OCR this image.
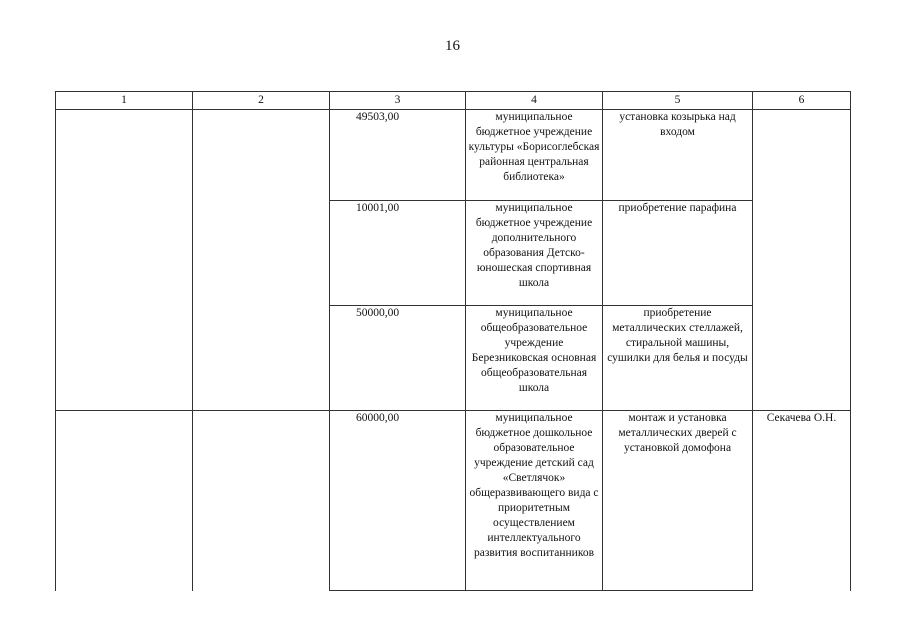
16
1	2	3	4	5	6
		49503,00	муниципальное бюджетное учреждение культуры «Борисоглебская районная центральная библиотека»	установка козырька над входом	
		10001,00	муниципальное бюджетное учреждение дополнительного образования Детско-юношеская спортивная школа	приобретение парафина	
		50000,00	муниципальное общеобразовательное учреждение Березниковская основная общеобразовательная школа	приобретение металлических стеллажей, стиральной машины, сушилки для белья и посуды	
		60000,00	муниципальное бюджетное дошкольное образовательное учреждение детский сад «Светлячок» общеразвивающего вида с приоритетным осуществлением интеллектуального развития воспитанников	монтаж и установка металлических дверей с установкой домофона	Секачева О.Н.
